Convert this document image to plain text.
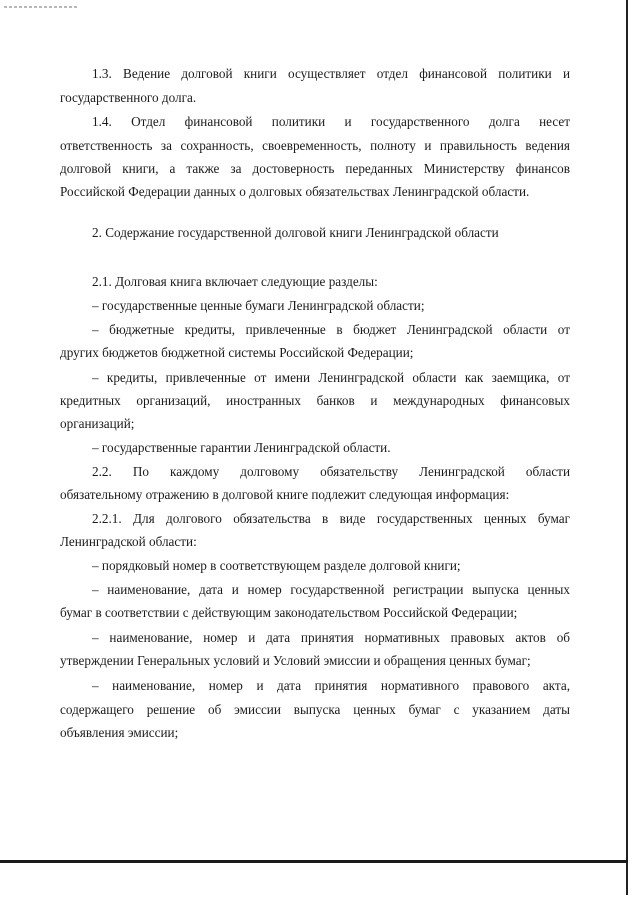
1.3. Ведение долговой книги осуществляет отдел финансовой политики и
государственного долга.
1.4. Отдел финансовой политики и государственного долга несет
ответственность за сохранность, своевременность, полноту и правильность ведения
долговой книги, а также за достоверность переданных Министерству финансов
Российской Федерации данных о долговых обязательствах Ленинградской области.
2. Содержание государственной долговой книги Ленинградской области
2.1. Долговая книга включает следующие разделы:
– государственные ценные бумаги Ленинградской области;
– бюджетные кредиты, привлеченные в бюджет Ленинградской области от
других бюджетов бюджетной системы Российской Федерации;
– кредиты, привлеченные от имени Ленинградской области как заемщика, от
кредитных организаций, иностранных банков и международных финансовых
организаций;
– государственные гарантии Ленинградской области.
2.2. По каждому долговому обязательству Ленинградской области
обязательному отражению в долговой книге подлежит следующая информация:
2.2.1. Для долгового обязательства в виде государственных ценных бумаг
Ленинградской области:
– порядковый номер в соответствующем разделе долговой книги;
– наименование, дата и номер государственной регистрации выпуска ценных
бумаг в соответствии с действующим законодательством Российской Федерации;
– наименование, номер и дата принятия нормативных правовых актов об
утверждении Генеральных условий и Условий эмиссии и обращения ценных бумаг;
– наименование, номер и дата принятия нормативного правового акта,
содержащего решение об эмиссии выпуска ценных бумаг с указанием даты
объявления эмиссии;
